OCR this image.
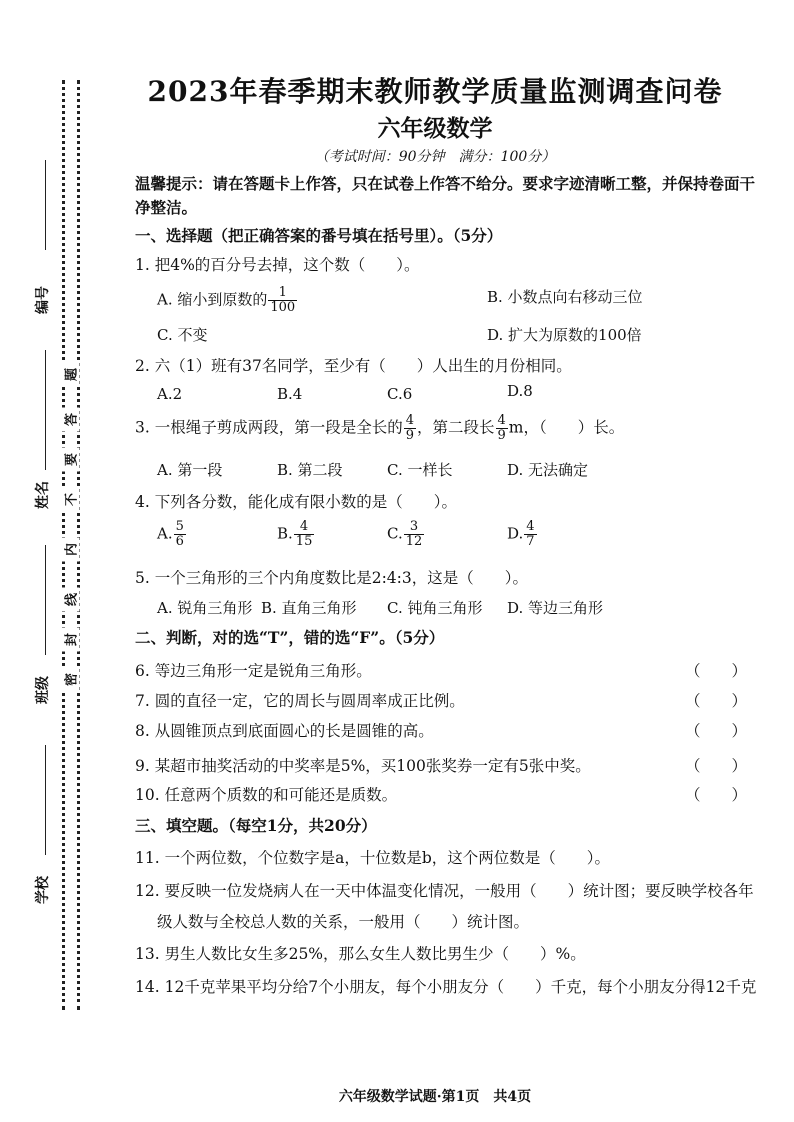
编号
姓名
班级
学校
题
答
要
不
内
线
封
密
2023年春季期末教师教学质量监测调查问卷
六年级数学
（考试时间：90分钟　满分：100分）
温馨提示：请在答题卡上作答，只在试卷上作答不给分。要求字迹清晰工整，并保持卷面干净整洁。
一、选择题（把正确答案的番号填在括号里）。（5分）
1. 把4%的百分号去掉，这个数（　　）。
A. 缩小到原数的 $\frac{1}{100}$	B. 小数点向右移动三位
C. 不变	D. 扩大为原数的100倍
2. 六（1）班有37名同学，至少有（　　）人出生的月份相同。
A.2	B.4	C.6	D.8
3. 一根绳子剪成两段，第一段是全长的 $\frac{4}{9}$ ，第二段长 $\frac{4}{9}$ m，（　　）长。
A. 第一段	B. 第二段	C. 一样长	D. 无法确定
4. 下列各分数，能化成有限小数的是（　　）。
A. $\frac{5}{6}$	B. $\frac{4}{15}$	C. $\frac{3}{12}$	D. $\frac{4}{7}$
5. 一个三角形的三个内角度数比是2:4:3，这是（　　）。
A. 锐角三角形 B. 直角三角形 C. 钝角三角形 D. 等边三角形
二、判断，对的选“T”，错的选“F”。（5分）
6. 等边三角形一定是锐角三角形。	（　　）
7. 圆的直径一定，它的周长与圆周率成正比例。	（　　）
8. 从圆锥顶点到底面圆心的长是圆锥的高。	（　　）
9. 某超市抽奖活动的中奖率是5%，买100张奖券一定有5张中奖。	（　　）
10. 任意两个质数的和可能还是质数。	（　　）
三、填空题。（每空1分，共20分）
11. 一个两位数，个位数字是a，十位数是b，这个两位数是（　　）。
12. 要反映一位发烧病人在一天中体温变化情况，一般用（　　）统计图；要反映学校各年
级人数与全校总人数的关系，一般用（　　）统计图。
13. 男生人数比女生多25%，那么女生人数比男生少（　　）%。
14. 12千克苹果平均分给7个小朋友，每个小朋友分（　　）千克，每个小朋友分得12千克
六年级数学试题·第1页　共4页
